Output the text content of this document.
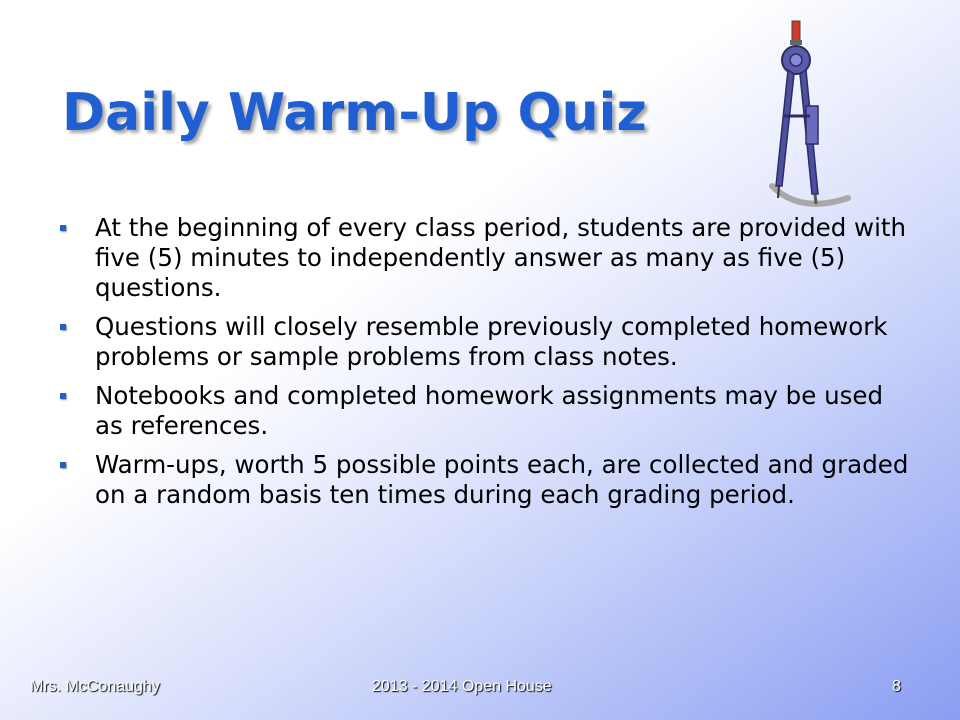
Daily Warm-Up Quiz
At the beginning of every class period, students are provided with five (5) minutes to independently answer as many as five (5) questions.
Questions will closely resemble previously completed homework problems or sample problems from class notes.
Notebooks and completed homework assignments may be used as references.
Warm-ups, worth 5 possible points each, are collected and graded on a random basis ten times during each grading period.
Mrs. McConaughy	2013 - 2014 Open House	8
